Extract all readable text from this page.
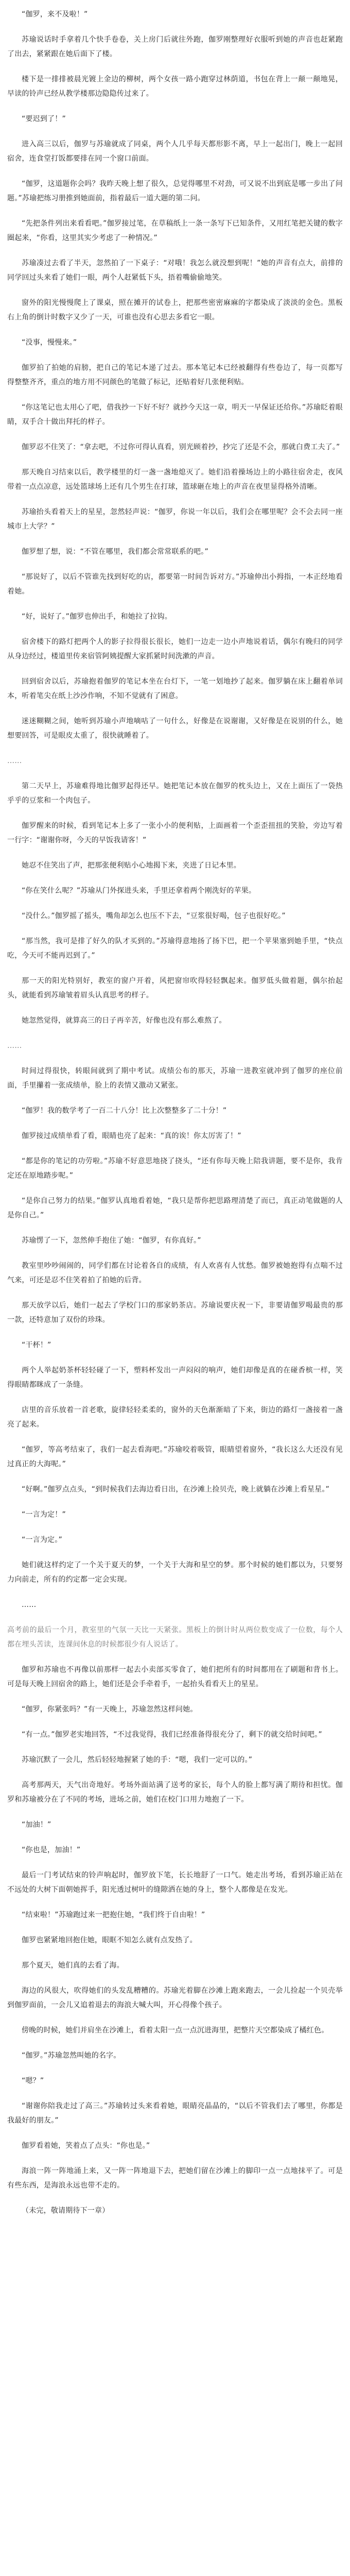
“伽罗，来不及啦！”

苏瑜说话时手拿着几个快手卷卷，关上房门后就往外跑，伽罗刚整理好衣服听到她的声音也赶紧跑了出去，紧紧跟在她后面下了楼。

楼下是一排排被晨光镀上金边的柳树，两个女孩一路小跑穿过林荫道，书包在背上一颠一颠地晃，早读的铃声已经从教学楼那边隐隐传过来了。

“要迟到了！”

进入高三以后，伽罗与苏瑜就成了同桌，两个人几乎每天都形影不离，早上一起出门，晚上一起回宿舍，连食堂打饭都要排在同一个窗口前面。

“伽罗，这道题你会吗？我昨天晚上想了很久，总觉得哪里不对劲，可又说不出到底是哪一步出了问题。”苏瑜把练习册推到她面前，指着最后一道大题的第二问。

“先把条件列出来看看吧。”伽罗接过笔，在草稿纸上一条一条写下已知条件，又用红笔把关键的数字圈起来，“你看，这里其实少考虑了一种情况。”

苏瑜凑过去看了半天，忽然拍了一下桌子：“对哦！我怎么就没想到呢！”她的声音有点大，前排的同学回过头来看了她们一眼，两个人赶紧低下头，捂着嘴偷偷地笑。

窗外的阳光慢慢爬上了课桌，照在摊开的试卷上，把那些密密麻麻的字都染成了淡淡的金色。黑板右上角的倒计时数字又少了一天，可谁也没有心思去多看它一眼。

“没事，慢慢来。”

伽罗拍了拍她的肩膀，把自己的笔记本递了过去。那本笔记本已经被翻得有些卷边了，每一页都写得整整齐齐，重点的地方用不同颜色的笔做了标记，还贴着好几张便利贴。

“你这笔记也太用心了吧，借我抄一下好不好？就抄今天这一章，明天一早保证还给你。”苏瑜眨着眼睛，双手合十做出拜托的样子。

伽罗忍不住笑了：“拿去吧，不过你可得认真看，别光顾着抄，抄完了还是不会，那就白费工夫了。”

那天晚自习结束以后，教学楼里的灯一盏一盏地熄灭了。她们沿着操场边上的小路往宿舍走，夜风带着一点点凉意，远处篮球场上还有几个男生在打球，篮球砸在地上的声音在夜里显得格外清晰。

苏瑜抬头看着天上的星星，忽然轻声说：“伽罗，你说一年以后，我们会在哪里呢？会不会去同一座城市上大学？”

伽罗想了想，说：“不管在哪里，我们都会常常联系的吧。”

“那说好了，以后不管谁先找到好吃的店，都要第一时间告诉对方。”苏瑜伸出小拇指，一本正经地看着她。

“好，说好了。”伽罗也伸出手，和她拉了拉钩。

宿舍楼下的路灯把两个人的影子拉得很长很长，她们一边走一边小声地说着话，偶尔有晚归的同学从身边经过，楼道里传来宿管阿姨提醒大家抓紧时间洗漱的声音。

回到宿舍以后，苏瑜抱着伽罗的笔记本坐在台灯下，一笔一划地抄了起来。伽罗躺在床上翻着单词本，听着笔尖在纸上沙沙作响，不知不觉就有了困意。

迷迷糊糊之间，她听到苏瑜小声地嘀咕了一句什么，好像是在说谢谢，又好像是在说别的什么，她想要回答，可是眼皮太重了，很快就睡着了。

……

第二天早上，苏瑜难得地比伽罗起得还早。她把笔记本放在伽罗的枕头边上，又在上面压了一袋热乎乎的豆浆和一个肉包子。

伽罗醒来的时候，看到笔记本上多了一张小小的便利贴，上面画着一个歪歪扭扭的笑脸，旁边写着一行字：“谢谢你呀，今天的早饭我请客！”

她忍不住笑出了声，把那张便利贴小心地揭下来，夹进了日记本里。

“你在笑什么呢？”苏瑜从门外探进头来，手里还拿着两个刚洗好的苹果。

“没什么。”伽罗摇了摇头，嘴角却怎么也压不下去，“豆浆很好喝，包子也很好吃。”

“那当然，我可是排了好久的队才买到的。”苏瑜得意地扬了扬下巴，把一个苹果塞到她手里，“快点吃，今天可不能再迟到了。”

那一天的阳光特别好，教室的窗户开着，风把窗帘吹得轻轻飘起来。伽罗低头做着题，偶尔抬起头，就能看到苏瑜皱着眉头认真思考的样子。

她忽然觉得，就算高三的日子再辛苦，好像也没有那么难熬了。

……

时间过得很快，转眼间就到了期中考试。成绩公布的那天，苏瑜一进教室就冲到了伽罗的座位前面，手里攥着一张成绩单，脸上的表情又激动又紧张。

“伽罗！我的数学考了一百二十八分！比上次整整多了二十分！”

伽罗接过成绩单看了看，眼睛也亮了起来：“真的诶！你太厉害了！”

“都是你的笔记的功劳啦。”苏瑜不好意思地挠了挠头，“还有你每天晚上陪我讲题，要不是你，我肯定还在原地踏步呢。”

“是你自己努力的结果。”伽罗认真地看着她，“我只是帮你把思路理清楚了而已，真正动笔做题的人是你自己。”

苏瑜愣了一下，忽然伸手抱住了她：“伽罗，有你真好。”

教室里吵吵闹闹的，同学们都在讨论着各自的成绩，有人欢喜有人忧愁。伽罗被她抱得有点喘不过气来，可还是忍不住笑着拍了拍她的后背。

那天放学以后，她们一起去了学校门口的那家奶茶店。苏瑜说要庆祝一下，非要请伽罗喝最贵的那一款，还特意加了双份的珍珠。

“干杯！”

两个人举起奶茶杯轻轻碰了一下，塑料杯发出一声闷闷的响声，她们却像是真的在碰香槟一样，笑得眼睛都眯成了一条缝。

店里的音乐放着一首老歌，旋律轻轻柔柔的，窗外的天色渐渐暗了下来，街边的路灯一盏接着一盏亮了起来。

“伽罗，等高考结束了，我们一起去看海吧。”苏瑜咬着吸管，眼睛望着窗外，“我长这么大还没有见过真正的大海呢。”

“好啊。”伽罗点点头，“到时候我们去海边看日出，在沙滩上捡贝壳，晚上就躺在沙滩上看星星。”

“一言为定！”

“一言为定。”

她们就这样约定了一个关于夏天的梦，一个关于大海和星空的梦。那个时候的她们都以为，只要努力向前走，所有的约定都一定会实现。

……

高考前的最后一个月，教室里的气氛一天比一天紧张。黑板上的倒计时从两位数变成了一位数，每个人都在埋头苦读，连课间休息的时候都很少有人说话了。

伽罗和苏瑜也不再像以前那样一起去小卖部买零食了，她们把所有的时间都用在了刷题和背书上。可是每天晚上回宿舍的路上，她们还是会手牵着手，一起抬头看看天上的星星。

“伽罗，你紧张吗？”有一天晚上，苏瑜忽然这样问她。

“有一点。”伽罗老实地回答，“不过我觉得，我们已经准备得很充分了，剩下的就交给时间吧。”

苏瑜沉默了一会儿，然后轻轻地握紧了她的手：“嗯，我们一定可以的。”

高考那两天，天气出奇地好。考场外面站满了送考的家长，每个人的脸上都写满了期待和担忧。伽罗和苏瑜被分在了不同的考场，进场之前，她们在校门口用力地抱了一下。

“加油！”

“你也是，加油！”

最后一门考试结束的铃声响起时，伽罗放下笔，长长地舒了一口气。她走出考场，看到苏瑜正站在不远处的大树下面朝她挥手，阳光透过树叶的缝隙洒在她的身上，整个人都像是在发光。

“结束啦！”苏瑜跑过来一把抱住她，“我们终于自由啦！”

伽罗也紧紧地回抱住她，眼眶不知怎么就有点发热了。

那个夏天，她们真的去看了海。

海边的风很大，吹得她们的头发乱糟糟的。苏瑜光着脚在沙滩上跑来跑去，一会儿捡起一个贝壳举到伽罗面前，一会儿又追着退去的海浪大喊大叫，开心得像个孩子。

傍晚的时候，她们并肩坐在沙滩上，看着太阳一点一点沉进海里，把整片天空都染成了橘红色。

“伽罗。”苏瑜忽然叫她的名字。

“嗯？”

“谢谢你陪我走过了高三。”苏瑜转过头来看着她，眼睛亮晶晶的，“以后不管我们去了哪里，你都是我最好的朋友。”

伽罗看着她，笑着点了点头：“你也是。”

海浪一阵一阵地涌上来，又一阵一阵地退下去，把她们留在沙滩上的脚印一点一点地抹平了。可是有些东西，是海浪永远也带不走的。

（未完，敬请期待下一章）
